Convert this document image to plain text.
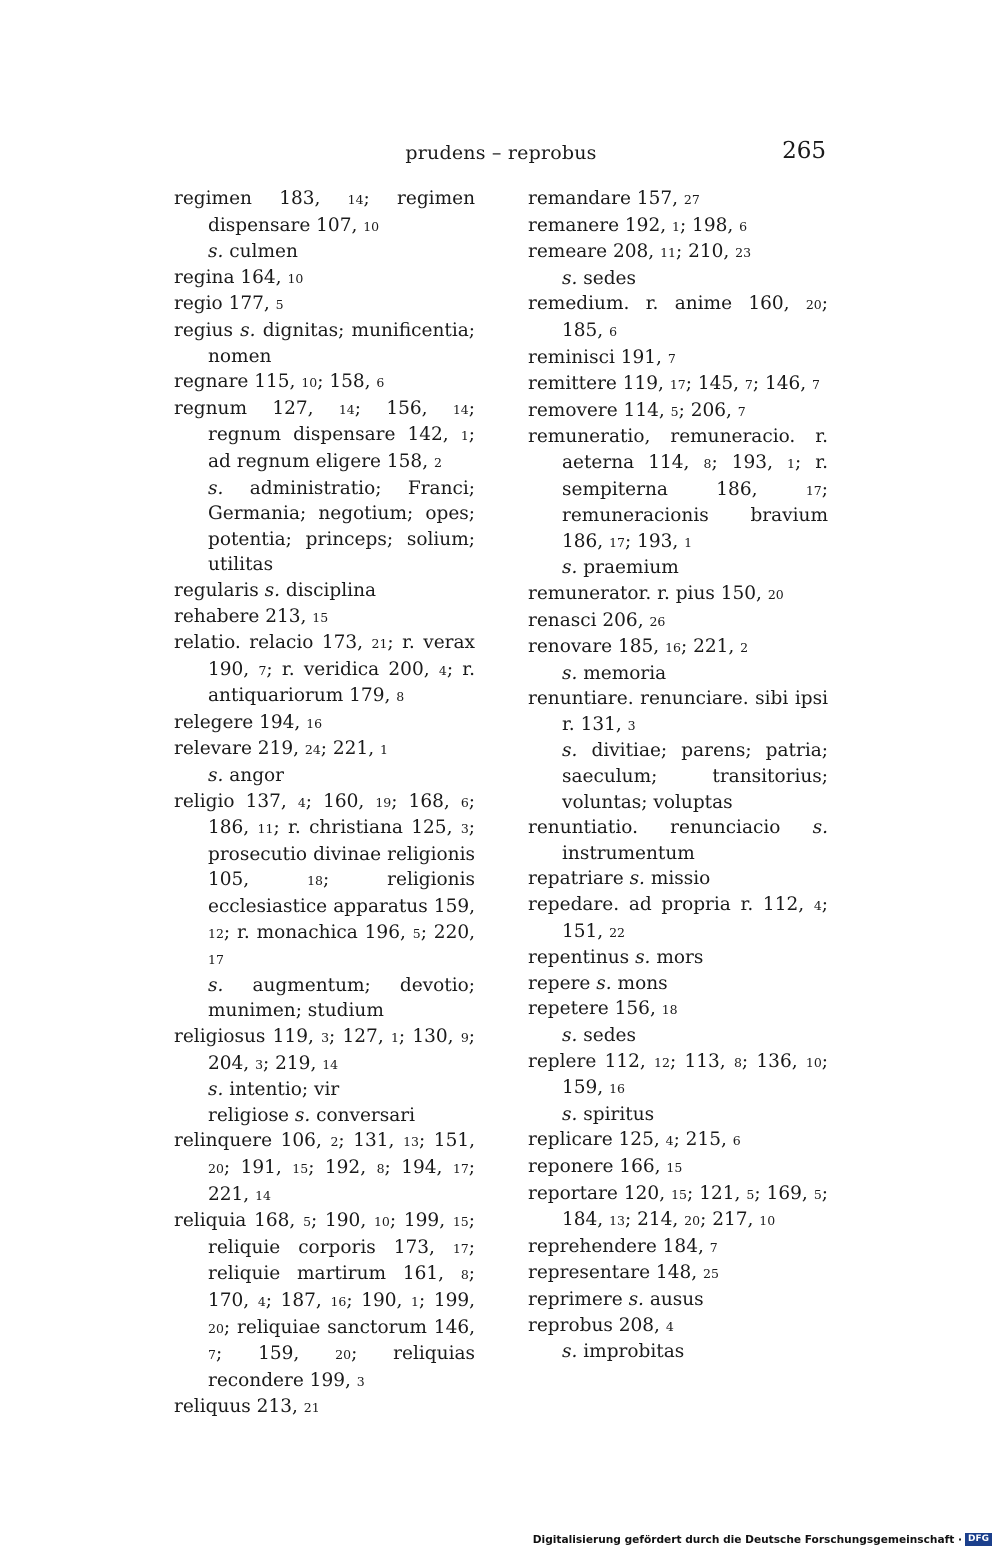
prudens – reprobus	265
regimen 183, 14; regimen dispensare 107, 10
s. culmen
regina 164, 10
regio 177, 5
regius s. dignitas; munificentia; nomen
regnare 115, 10; 158, 6
regnum 127, 14; 156, 14; regnum dispensare 142, 1; ad regnum eligere 158, 2
s. administratio; Franci; Germania; negotium; opes; potentia; princeps; solium; utilitas
regularis s. disciplina
rehabere 213, 15
relatio. relacio 173, 21; r. verax 190, 7; r. veridica 200, 4; r. antiquariorum 179, 8
relegere 194, 16
relevare 219, 24; 221, 1
s. angor
religio 137, 4; 160, 19; 168, 6; 186, 11; r. christiana 125, 3; prosecutio divinae religionis 105, 18; religionis ecclesiastice apparatus 159, 12; r. monachica 196, 5; 220, 17
s. augmentum; devotio; munimen; studium
religiosus 119, 3; 127, 1; 130, 9; 204, 3; 219, 14
s. intentio; vir
religiose s. conversari
relinquere 106, 2; 131, 13; 151, 20; 191, 15; 192, 8; 194, 17; 221, 14
reliquia 168, 5; 190, 10; 199, 15; reliquie corporis 173, 17; reliquie martirum 161, 8; 170, 4; 187, 16; 190, 1; 199, 20; reliquiae sanctorum 146, 7; 159, 20; reliquias recondere 199, 3
reliquus 213, 21
remandare 157, 27
remanere 192, 1; 198, 6
remeare 208, 11; 210, 23
s. sedes
remedium. r. anime 160, 20; 185, 6
reminisci 191, 7
remittere 119, 17; 145, 7; 146, 7
removere 114, 5; 206, 7
remuneratio, remuneracio. r. aeterna 114, 8; 193, 1; r. sempiterna 186, 17; remuneracionis bravium 186, 17; 193, 1
s. praemium
remunerator. r. pius 150, 20
renasci 206, 26
renovare 185, 16; 221, 2
s. memoria
renuntiare. renunciare. sibi ipsi r. 131, 3
s. divitiae; parens; patria; saeculum; transitorius; voluntas; voluptas
renuntiatio. renunciacio s. instrumentum
repatriare s. missio
repedare. ad propria r. 112, 4; 151, 22
repentinus s. mors
repere s. mons
repetere 156, 18
s. sedes
replere 112, 12; 113, 8; 136, 10; 159, 16
s. spiritus
replicare 125, 4; 215, 6
reponere 166, 15
reportare 120, 15; 121, 5; 169, 5; 184, 13; 214, 20; 217, 10
reprehendere 184, 7
representare 148, 25
reprimere s. ausus
reprobus 208, 4
s. improbitas
Digitalisierung gefördert durch die Deutsche Forschungsgemeinschaft · DFG
